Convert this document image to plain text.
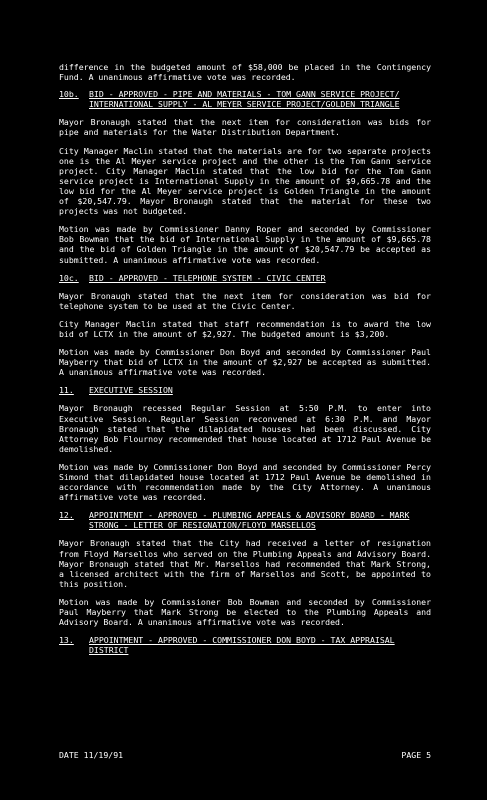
difference in the budgeted amount of $58,000 be placed in the Contingency Fund. A unanimous affirmative vote was recorded.

10b.	BID - APPROVED - PIPE AND MATERIALS - TOM GANN SERVICE PROJECT/ INTERNATIONAL SUPPLY - AL MEYER SERVICE PROJECT/GOLDEN TRIANGLE

Mayor Bronaugh stated that the next item for consideration was bids for pipe and materials for the Water Distribution Department.

City Manager Maclin stated that the materials are for two separate projects one is the Al Meyer service project and the other is the Tom Gann service project. City Manager Maclin stated that the low bid for the Tom Gann service project is International Supply in the amount of $9,665.78 and the low bid for the Al Meyer service project is Golden Triangle in the amount of $20,547.79. Mayor Bronaugh stated that the material for these two projects was not budgeted.

Motion was made by Commissioner Danny Roper and seconded by Commissioner Bob Bowman that the bid of International Supply in the amount of $9,665.78 and the bid of Golden Triangle in the amount of $20,547.79 be accepted as submitted. A unanimous affirmative vote was recorded.

10c.	BID - APPROVED - TELEPHONE SYSTEM - CIVIC CENTER

Mayor Bronaugh stated that the next item for consideration was bid for telephone system to be used at the Civic Center.

City Manager Maclin stated that staff recommendation is to award the low bid of LCTX in the amount of $2,927. The budgeted amount is $3,200.

Motion was made by Commissioner Don Boyd and seconded by Commissioner Paul Mayberry that bid of LCTX in the amount of $2,927 be accepted as submitted. A unanimous affirmative vote was recorded.

11.	EXECUTIVE SESSION

Mayor Bronaugh recessed Regular Session at 5:50 P.M. to enter into Executive Session. Regular Session reconvened at 6:30 P.M. and Mayor Bronaugh stated that the dilapidated houses had been discussed. City Attorney Bob Flournoy recommended that house located at 1712 Paul Avenue be demolished.

Motion was made by Commissioner Don Boyd and seconded by Commissioner Percy Simond that dilapidated house located at 1712 Paul Avenue be demolished in accordance with recommendation made by the City Attorney. A unanimous affirmative vote was recorded.

12.	APPOINTMENT - APPROVED - PLUMBING APPEALS & ADVISORY BOARD - MARK STRONG - LETTER OF RESIGNATION/FLOYD MARSELLOS

Mayor Bronaugh stated that the City had received a letter of resignation from Floyd Marsellos who served on the Plumbing Appeals and Advisory Board. Mayor Bronaugh stated that Mr. Marsellos had recommended that Mark Strong, a licensed architect with the firm of Marsellos and Scott, be appointed to this position.

Motion was made by Commissioner Bob Bowman and seconded by Commissioner Paul Mayberry that Mark Strong be elected to the Plumbing Appeals and Advisory Board. A unanimous affirmative vote was recorded.

13.	APPOINTMENT - APPROVED - COMMISSIONER DON BOYD - TAX APPRAISAL DISTRICT
DATE 11/19/91	PAGE 5
